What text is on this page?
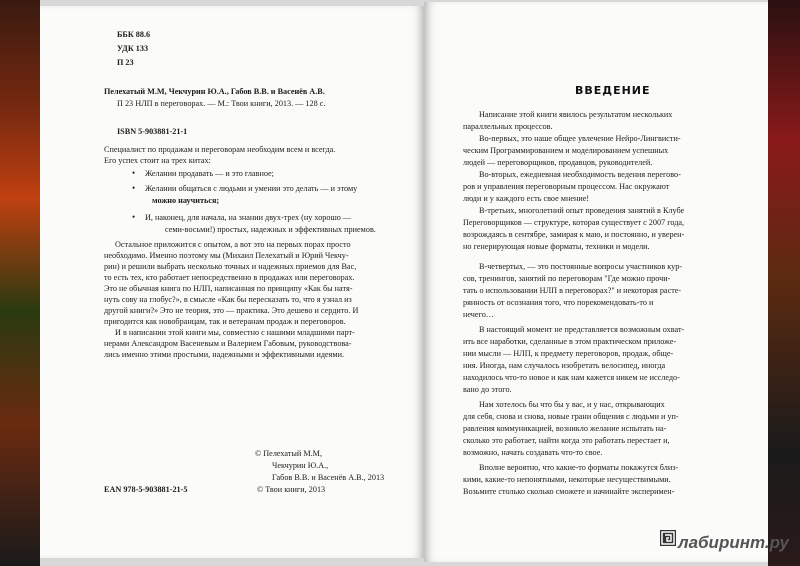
ББК 88.6
УДК 133
П 23
Пелехатый М.М, Чекчурин Ю.А., Габов В.В. и Васенёв А.В.
П 23 НЛП в переговорах. — М.: Твои книги, 2013. — 128 с.
ISBN 5-903881-21-1
Специалист по продажам и переговорам необходим всем и всегда.
Его успех стоит на трех китах:
• Желании продавать — и это главное;
• Желании общаться с людьми и умении это делать — и этому
можно научиться;
• И, наконец, для начала, на знании двух-трех (ну хорошо —
семи-восьми!) простых, надежных и эффективных приемов.
Остальное приложится с опытом, а вот это на первых порах просто
необходимо. Именно поэтому мы (Михаил Пелехатый и Юрий Чекчу-
рин) и решили выбрать несколько точных и надежных приемов для Вас,
то есть тех, кто работает непосредственно в продажах или переговорах.
Это не обычная книга по НЛП, написанная по принципу «Как бы натя-
нуть сову на глобус?», в смысле «Как бы пересказать то, что я узнал из
другой книги?» Это не теория, это — практика. Это дешево и сердито. И
пригодится как новобранцам, так и ветеранам продаж и переговоров.
И в написании этой книги мы, совместно с нашими младшими парт-
нерами Александром Васеневым и Валерием Габовым, руководствова-
лись именно этими простыми, надежными и эффективными идеями.
© Пелехатый М.М,
Чекчурин Ю.А.,
Габов В.В. и Васенёв А.В., 2013
© Твои книги, 2013
EAN 978-5-903881-21-5
ВВЕДЕНИЕ
Написание этой книги явилось результатом нескольких
параллельных процессов.
Во-первых, это наше общее увлечение Нейро-Лингвисти-
ческим Программированием и моделированием успешных
людей — переговорщиков, продавцов, руководителей.
Во-вторых, ежедневная необходимость ведения перегово-
ров и управления переговорным процессом. Нас окружают
люди и у каждого есть свое мнение!
В-третьих, многолетний опыт проведения занятий в Клубе
Переговорщиков — структуре, которая существует с 2007 года,
возрождаясь в сентябре, замирая к маю, и постоянно, и уверен-
но генерирующая новые форматы, техники и модели.
В-четвертых, — это постоянные вопросы участников кур-
сов, тренингов, занятий по переговорам "Где можно прочи-
тать о использовании НЛП в переговорах?" и некоторая расте-
рянность от осознания того, что порекомендовать-то и
нечего…
В настоящий момент не представляется возможным охват-
ить все наработки, сделанные в этом практическом приложе-
нии мысли — НЛП, к предмету переговоров, продаж, обще-
ния. Иногда, нам случалось изобретать велосипед, иногда
находилось что-то новое и как нам кажется никем не исследо-
вано до этого.
Нам хотелось бы что бы у вас, и у нас, открывающих
для себя, снова и снова, новые грани общения с людьми и уп-
равления коммуникацией, возникло желание испытать на-
сколько это работает, найти когда это работать перестает и,
возможно, начать создавать что-то свое.
Вполне вероятно, что какие-то форматы покажутся близ-
кими, какие-то непонятными, некоторые несуществимыми.
Возьмите столько сколько сможете и начинайте эксперимен-
лабиринт.ру
